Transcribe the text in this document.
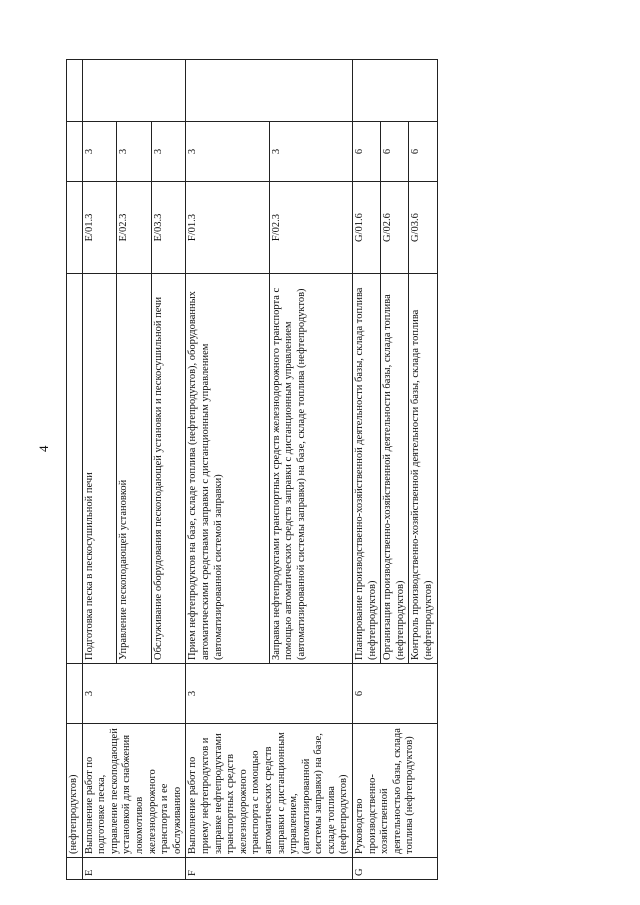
4
	(нефтепродуктов)					
E	Выполнение работ по подготовке песка, управление пескоподающей установкой для снабжения локомотивов железнодорожного транспорта и ее обслуживанию	3	Подготовка песка в пескосушильной печи	E/01.3	3	
			Управление пескоподающей установкой	E/02.3	3	
			Обслуживание оборудования пескоподающей установки и пескосушильной печи	E/03.3	3	
F	Выполнение работ по приему нефтепродуктов и заправке нефтепродуктами транспортных средств железнодорожного транспорта с помощью автоматических средств заправки с дистанционным управлением, (автоматизированной системы заправки) на базе, складе топлива (нефтепродуктов)	3	Прием нефтепродуктов на базе, складе топлива (нефтепродуктов), оборудованных автоматическими средствами заправки с дистанционным управлением (автоматизированной системой заправки)	F/01.3	3	
			Заправка нефтепродуктами транспортных средств железнодорожного транспорта с помощью автоматических средств заправки с дистанционным управлением (автоматизированной системы заправки) на базе, складе топлива (нефтепродуктов)	F/02.3	3	
G	Руководство производственно-хозяйственной деятельностью базы, склада топлива (нефтепродуктов)	6	Планирование производственно-хозяйственной деятельности базы, склада топлива (нефтепродуктов)	G/01.6	6	
			Организация производственно-хозяйственной деятельности базы, склада топлива (нефтепродуктов)	G/02.6	6	
			Контроль производственно-хозяйственной деятельности базы, склада топлива (нефтепродуктов)	G/03.6	6	
